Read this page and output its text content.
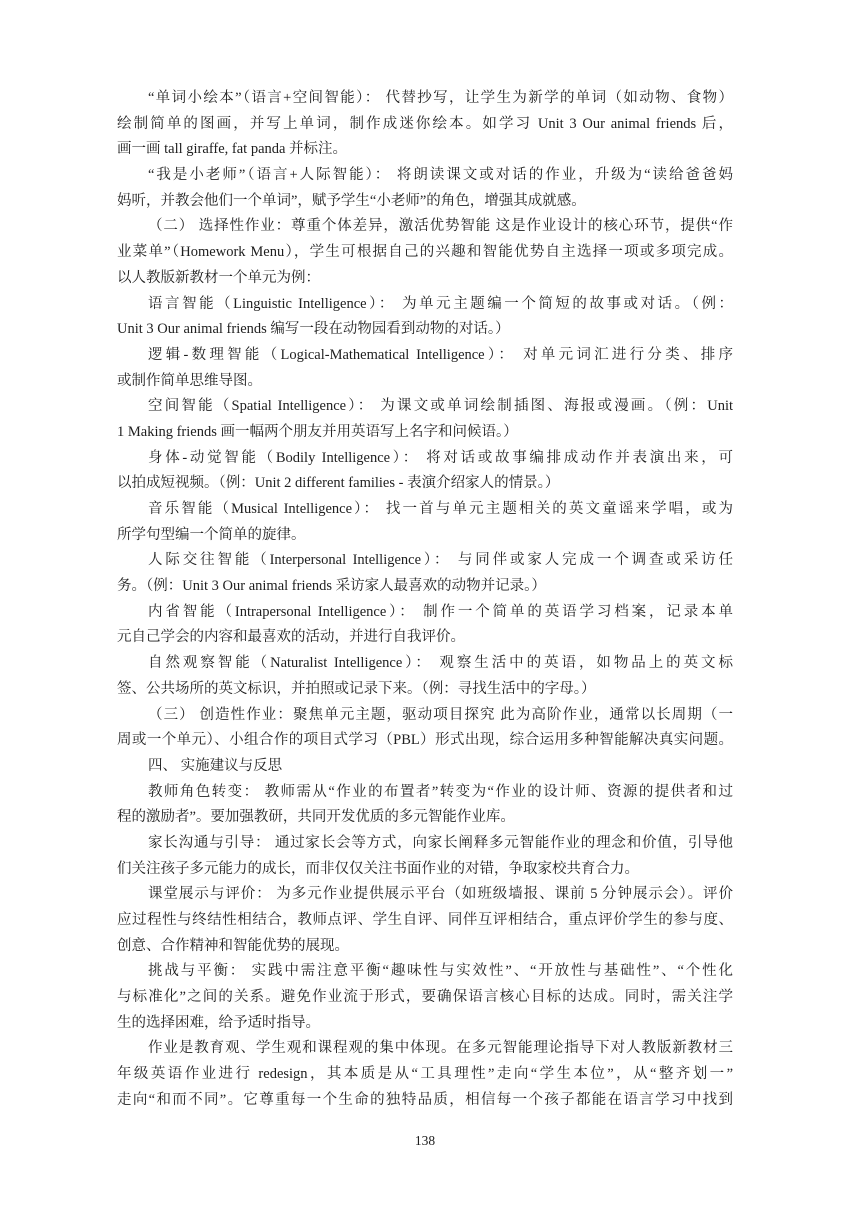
“单词小绘本”（语言+空间智能）： 代替抄写，让学生为新学的单词（如动物、食物）
绘制简单的图画，并写上单词，制作成迷你绘本。如学习 Unit 3 Our animal friends 后，
画一画 tall giraffe, fat panda 并标注。
“我是小老师”（语言+人际智能）： 将朗读课文或对话的作业，升级为“读给爸爸妈
妈听，并教会他们一个单词”，赋予学生“小老师”的角色，增强其成就感。
（二） 选择性作业：尊重个体差异，激活优势智能 这是作业设计的核心环节，提供“作
业菜单”（Homework Menu），学生可根据自己的兴趣和智能优势自主选择一项或多项完成。
以人教版新教材一个单元为例：
语言智能（Linguistic Intelligence）： 为单元主题编一个简短的故事或对话。（例：
Unit 3 Our animal friends 编写一段在动物园看到动物的对话。）
逻辑-数理智能（Logical-Mathematical Intelligence）： 对单元词汇进行分类、排序
或制作简单思维导图。
空间智能（Spatial Intelligence）： 为课文或单词绘制插图、海报或漫画。（例：Unit
1 Making friends 画一幅两个朋友并用英语写上名字和问候语。）
身体-动觉智能（Bodily Intelligence）： 将对话或故事编排成动作并表演出来，可
以拍成短视频。（例：Unit 2 different families - 表演介绍家人的情景。）
音乐智能（Musical Intelligence）： 找一首与单元主题相关的英文童谣来学唱，或为
所学句型编一个简单的旋律。
人际交往智能（Interpersonal Intelligence）： 与同伴或家人完成一个调查或采访任
务。（例：Unit 3 Our animal friends 采访家人最喜欢的动物并记录。）
内省智能（Intrapersonal Intelligence）： 制作一个简单的英语学习档案，记录本单
元自己学会的内容和最喜欢的活动，并进行自我评价。
自然观察智能（Naturalist Intelligence）： 观察生活中的英语，如物品上的英文标
签、公共场所的英文标识，并拍照或记录下来。（例：寻找生活中的字母。）
（三） 创造性作业：聚焦单元主题，驱动项目探究 此为高阶作业，通常以长周期（一
周或一个单元）、小组合作的项目式学习（PBL）形式出现，综合运用多种智能解决真实问题。
四、 实施建议与反思
教师角色转变： 教师需从“作业的布置者”转变为“作业的设计师、资源的提供者和过
程的激励者”。要加强教研，共同开发优质的多元智能作业库。
家长沟通与引导： 通过家长会等方式，向家长阐释多元智能作业的理念和价值，引导他
们关注孩子多元能力的成长，而非仅仅关注书面作业的对错，争取家校共育合力。
课堂展示与评价： 为多元作业提供展示平台（如班级墙报、课前 5 分钟展示会）。评价
应过程性与终结性相结合，教师点评、学生自评、同伴互评相结合，重点评价学生的参与度、
创意、合作精神和智能优势的展现。
挑战与平衡： 实践中需注意平衡“趣味性与实效性”、“开放性与基础性”、“个性化
与标准化”之间的关系。避免作业流于形式，要确保语言核心目标的达成。同时，需关注学
生的选择困难，给予适时指导。
作业是教育观、学生观和课程观的集中体现。在多元智能理论指导下对人教版新教材三
年级英语作业进行 redesign，其本质是从“工具理性”走向“学生本位”，从“整齐划一”
走向“和而不同”。它尊重每一个生命的独特品质，相信每一个孩子都能在语言学习中找到
138
